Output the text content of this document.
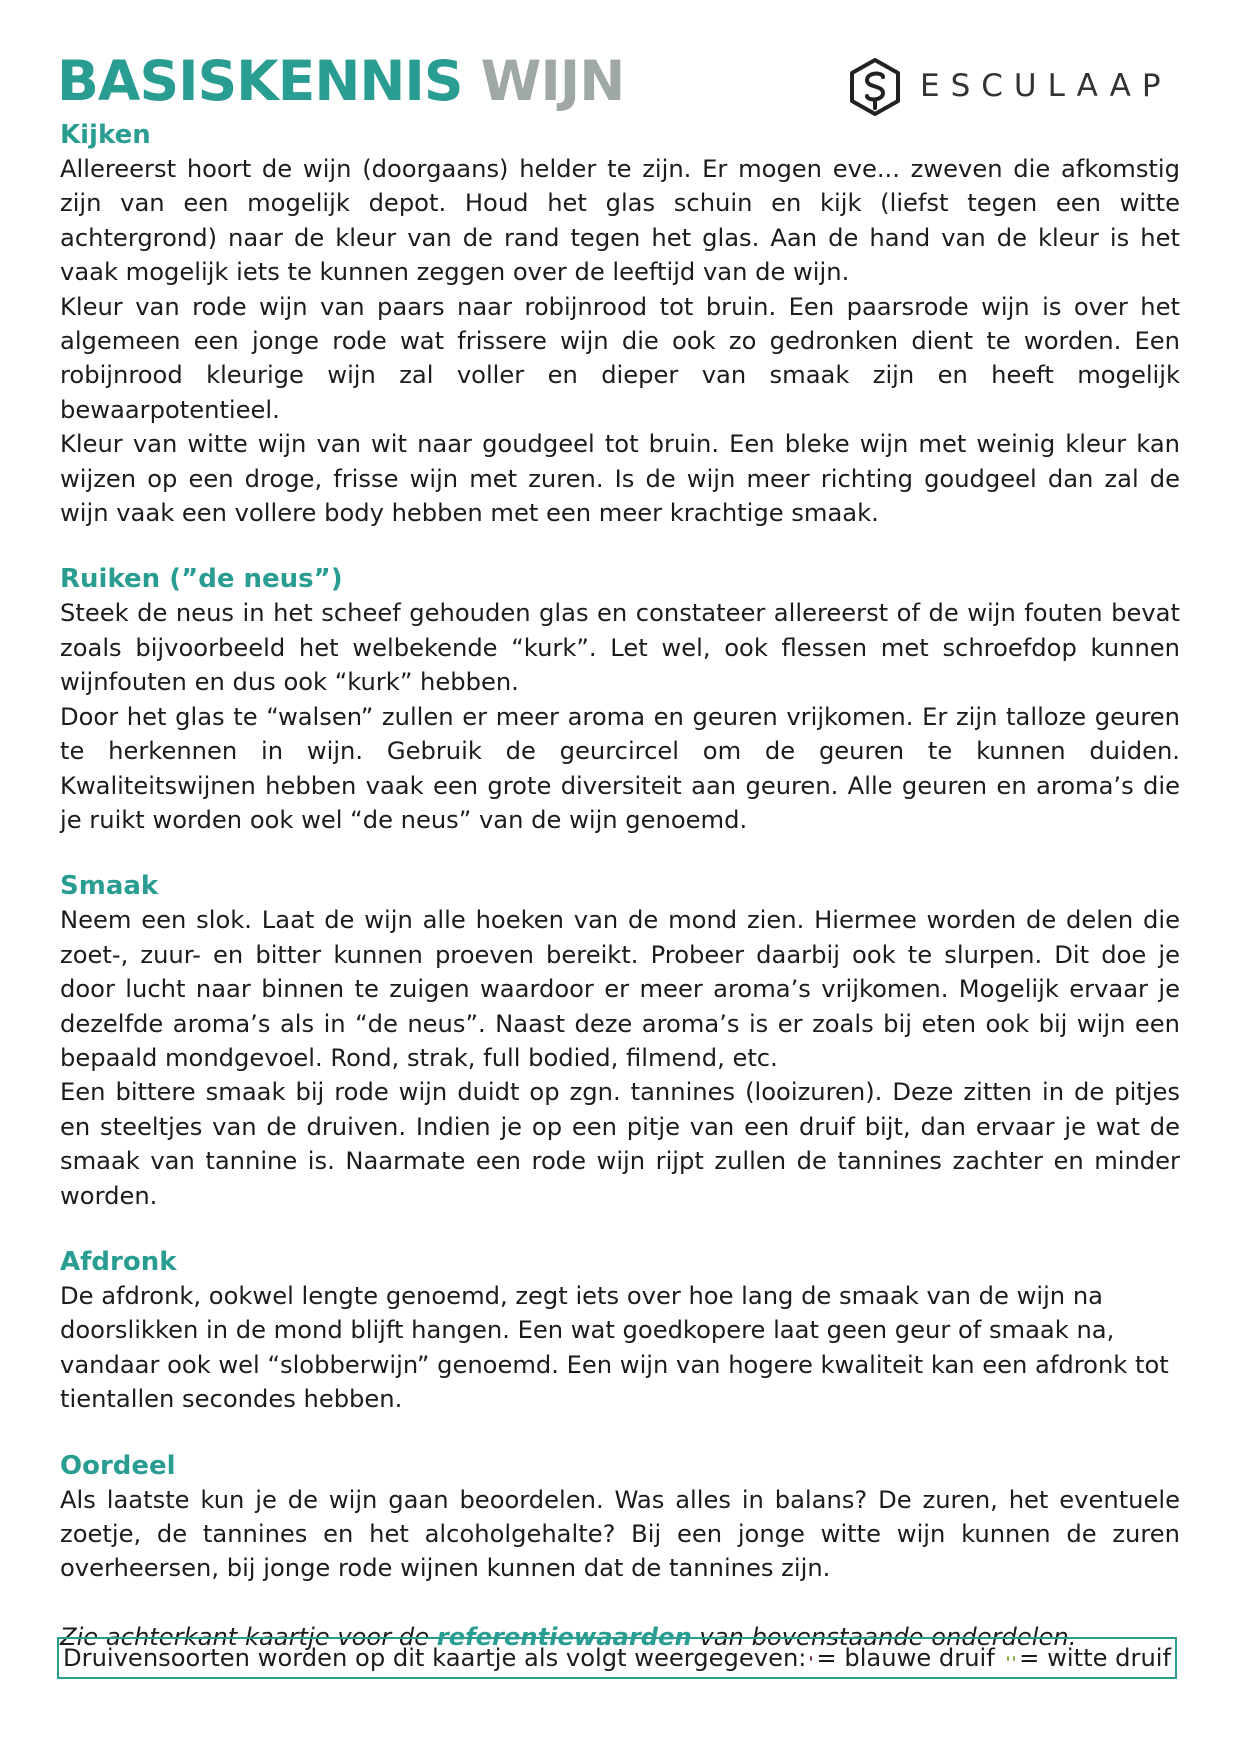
BASISKENNIS WIJN	ESCULAAP
Kijken

Allereerst hoort de wijn (doorgaans) helder te zijn. Er mogen eve... zweven die afkomstig zijn van een mogelijk depot. Houd het glas schuin en kijk (liefst tegen een witte achtergrond) naar de kleur van de rand tegen het glas. Aan de hand van de kleur is het vaak mogelijk iets te kunnen zeggen over de leeftijd van de wijn.

Kleur van rode wijn van paars naar robijnrood tot bruin. Een paarsrode wijn is over het algemeen een jonge rode wat frissere wijn die ook zo gedronken dient te worden. Een robijnrood kleurige wijn zal voller en dieper van smaak zijn en heeft mogelijk bewaarpotentieel.

Kleur van witte wijn van wit naar goudgeel tot bruin. Een bleke wijn met weinig kleur kan wijzen op een droge, frisse wijn met zuren. Is de wijn meer richting goudgeel dan zal de wijn vaak een vollere body hebben met een meer krachtige smaak.

Ruiken (”de neus”)

Steek de neus in het scheef gehouden glas en constateer allereerst of de wijn fouten bevat zoals bijvoorbeeld het welbekende “kurk”. Let wel, ook flessen met schroefdop kunnen wijnfouten en dus ook “kurk” hebben.

Door het glas te “walsen” zullen er meer aroma en geuren vrijkomen. Er zijn talloze geuren te herkennen in wijn. Gebruik de geurcircel om de geuren te kunnen duiden. Kwaliteitswijnen hebben vaak een grote diversiteit aan geuren. Alle geuren en aroma’s die je ruikt worden ook wel “de neus” van de wijn genoemd.

Smaak

Neem een slok. Laat de wijn alle hoeken van de mond zien. Hiermee worden de delen die zoet-, zuur- en bitter kunnen proeven bereikt. Probeer daarbij ook te slurpen. Dit doe je door lucht naar binnen te zuigen waardoor er meer aroma’s vrijkomen. Mogelijk ervaar je dezelfde aroma’s als in “de neus”. Naast deze aroma’s is er zoals bij eten ook bij wijn een bepaald mondgevoel. Rond, strak, full bodied, filmend, etc.

Een bittere smaak bij rode wijn duidt op zgn. tannines (looizuren). Deze zitten in de pitjes en steeltjes van de druiven. Indien je op een pitje van een druif bijt, dan ervaar je wat de smaak van tannine is. Naarmate een rode wijn rijpt zullen de tannines zachter en minder worden.

Afdronk

De afdronk, ookwel lengte genoemd, zegt iets over hoe lang de smaak van de wijn na doorslikken in de mond blijft hangen. Een wat goedkopere laat geen geur of smaak na, vandaar ook wel “slobberwijn” genoemd. Een wijn van hogere kwaliteit kan een afdronk tot tientallen secondes hebben.

Oordeel

Als laatste kun je de wijn gaan beoordelen. Was alles in balans? De zuren, het eventuele zoetje, de tannines en het alcoholgehalte? Bij een jonge witte wijn kunnen de zuren overheersen, bij jonge rode wijnen kunnen dat de tannines zijn.

Zie achterkant kaartje voor de referentiewaarden van bovenstaande onderdelen.
Druivensoorten worden op dit kaartje als volgt weergegeven: = blauwe druif = witte druif
